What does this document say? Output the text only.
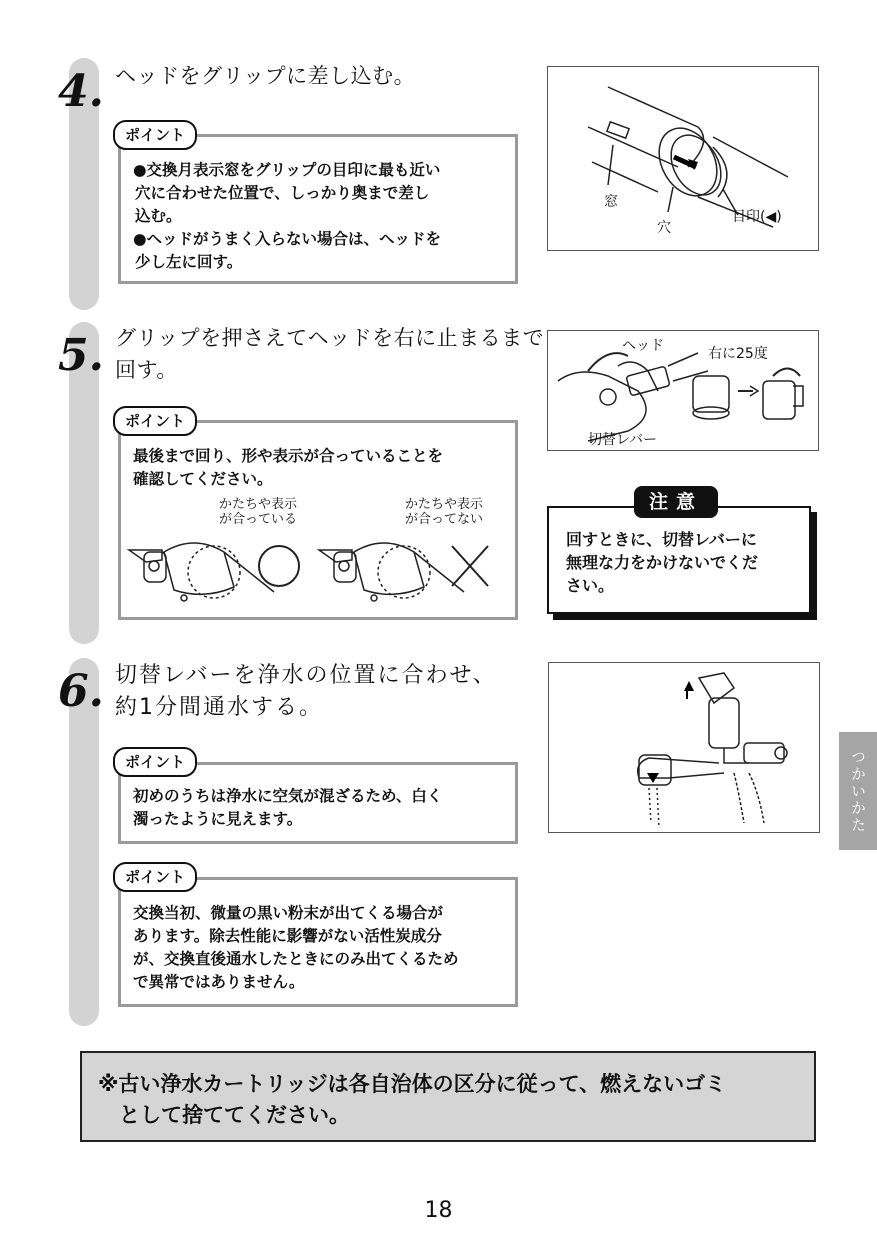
4. ヘッドをグリップに差し込む。
ポイント
●交換月表示窓をグリップの目印に最も近い
穴に合わせた位置で、しっかり奥まで差し
込む。
●ヘッドがうまく入らない場合は、ヘッドを
少し左に回す。
窓
穴
目印(◀)
5. グリップを押さえてヘッドを右に止まるまで
回す。
ポイント
最後まで回り、形や表示が合っていることを
確認してください。
かたちや表示
が合っている
かたちや表示
が合ってない
ヘッド	右に25度
切替レバー
注意
回すときに、切替レバーに
無理な力をかけないでくだ
さい。
6. 切替レバーを浄水の位置に合わせ、
約1分間通水する。
ポイント
初めのうちは浄水に空気が混ざるため、白く
濁ったように見えます。
ポイント
交換当初、微量の黒い粉末が出てくる場合が
あります。除去性能に影響がない活性炭成分
が、交換直後通水したときにのみ出てくるため
で異常ではありません。
※古い浄水カートリッジは各自治体の区分に従って、燃えないゴミ
　として捨ててください。
つかいかた
18
